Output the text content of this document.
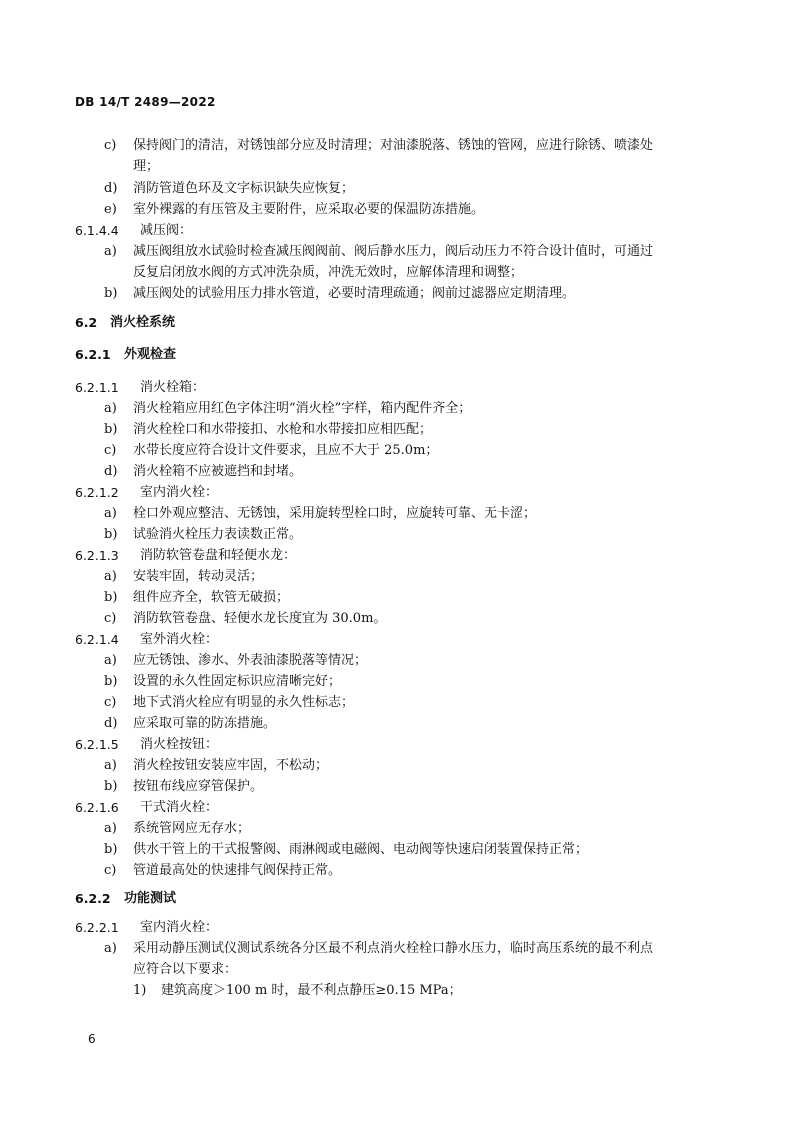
DB 14/T 2489—2022
c) 保持阀门的清洁，对锈蚀部分应及时清理；对油漆脱落、锈蚀的管网，应进行除锈、喷漆处
理；
d) 消防管道色环及文字标识缺失应恢复；
e) 室外裸露的有压管及主要附件，应采取必要的保温防冻措施。
6.1.4.4 减压阀：
a) 减压阀组放水试验时检查减压阀阀前、阀后静水压力，阀后动压力不符合设计值时，可通过
反复启闭放水阀的方式冲洗杂质，冲洗无效时，应解体清理和调整；
b) 减压阀处的试验用压力排水管道，必要时清理疏通；阀前过滤器应定期清理。
6.2 消火栓系统
6.2.1 外观检查
6.2.1.1 消火栓箱：
a) 消火栓箱应用红色字体注明“消火栓”字样，箱内配件齐全；
b) 消火栓栓口和水带接扣、水枪和水带接扣应相匹配；
c) 水带长度应符合设计文件要求，且应不大于 25.0m；
d) 消火栓箱不应被遮挡和封堵。
6.2.1.2 室内消火栓：
a) 栓口外观应整洁、无锈蚀，采用旋转型栓口时，应旋转可靠、无卡涩；
b) 试验消火栓压力表读数正常。
6.2.1.3 消防软管卷盘和轻便水龙：
a) 安装牢固，转动灵活；
b) 组件应齐全，软管无破损；
c) 消防软管卷盘、轻便水龙长度宜为 30.0m。
6.2.1.4 室外消火栓：
a) 应无锈蚀、渗水、外表油漆脱落等情况；
b) 设置的永久性固定标识应清晰完好；
c) 地下式消火栓应有明显的永久性标志；
d) 应采取可靠的防冻措施。
6.2.1.5 消火栓按钮：
a) 消火栓按钮安装应牢固，不松动；
b) 按钮布线应穿管保护。
6.2.1.6 干式消火栓：
a) 系统管网应无存水；
b) 供水干管上的干式报警阀、雨淋阀或电磁阀、电动阀等快速启闭装置保持正常；
c) 管道最高处的快速排气阀保持正常。
6.2.2 功能测试
6.2.2.1 室内消火栓：
a) 采用动静压测试仪测试系统各分区最不利点消火栓栓口静水压力，临时高压系统的最不利点
应符合以下要求：
1) 建筑高度＞100 m 时，最不利点静压≥0.15 MPa；
6
